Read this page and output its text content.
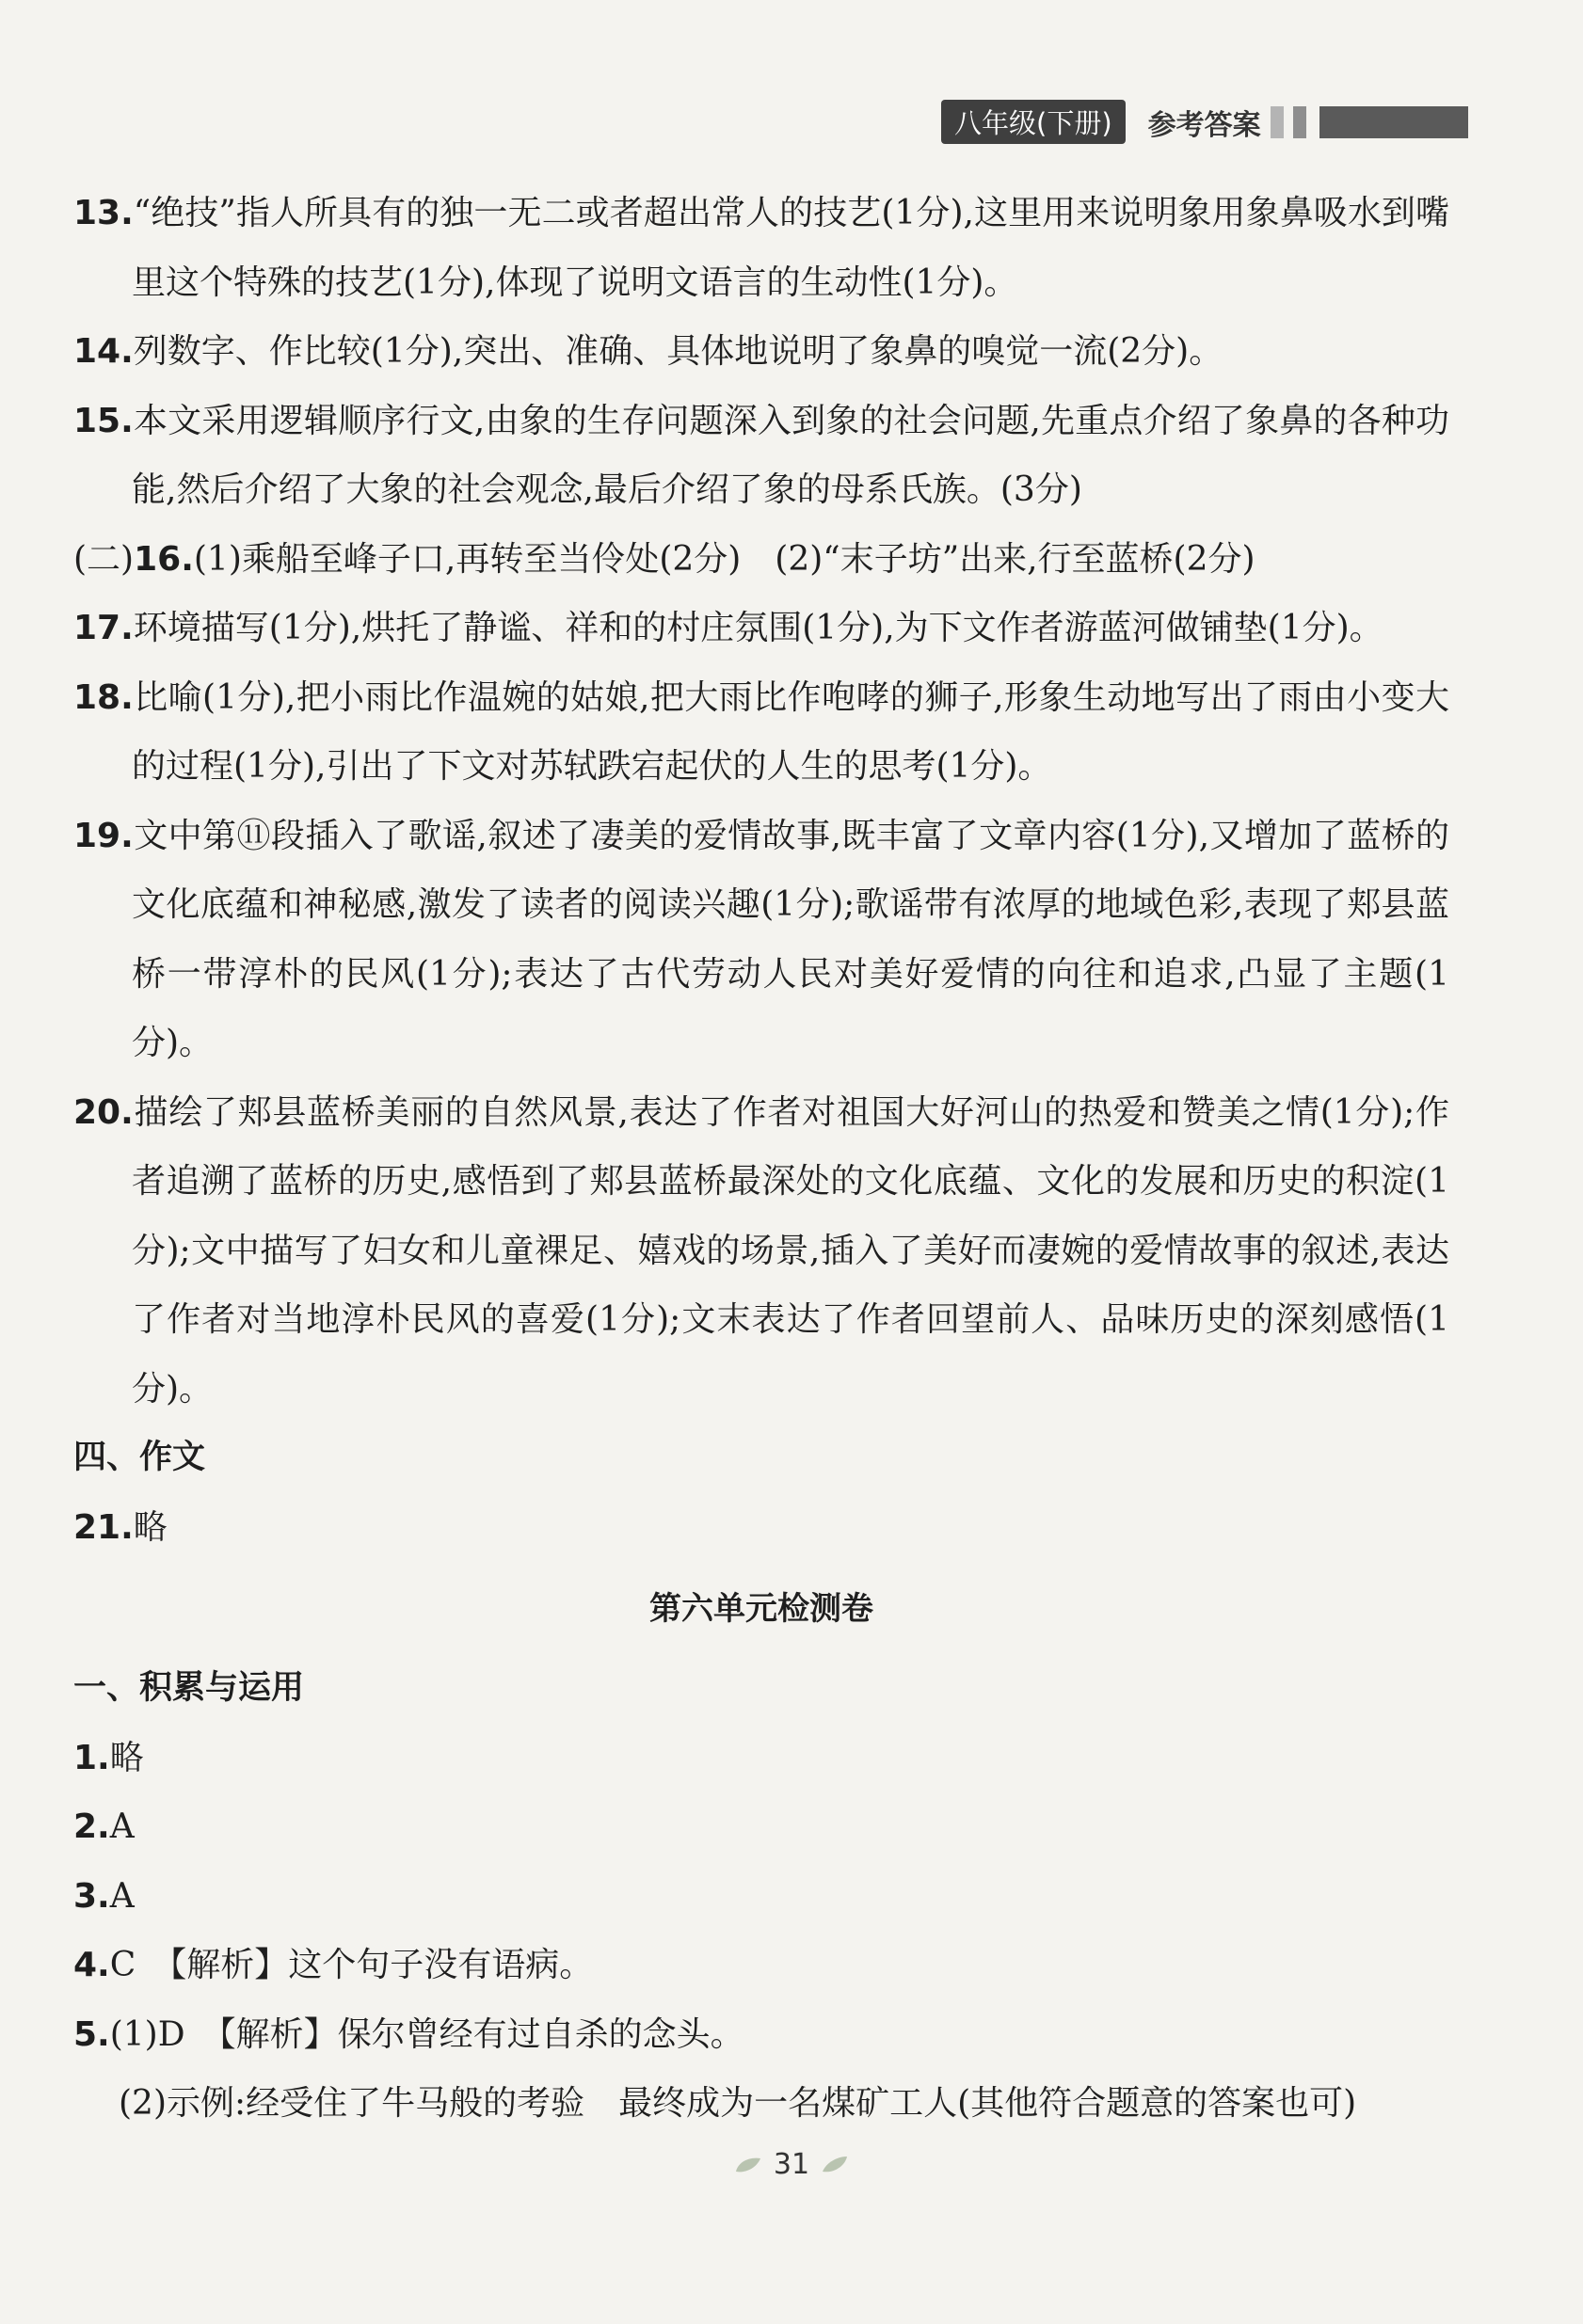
八年级(下册)	参考答案

13.“绝技”指人所具有的独一无二或者超出常人的技艺(1分),这里用来说明象用象鼻吸水到嘴里这个特殊的技艺(1分),体现了说明文语言的生动性(1分)。

14.列数字、作比较(1分),突出、准确、具体地说明了象鼻的嗅觉一流(2分)。

15.本文采用逻辑顺序行文,由象的生存问题深入到象的社会问题,先重点介绍了象鼻的各种功能,然后介绍了大象的社会观念,最后介绍了象的母系氏族。(3分)

(二)16.(1)乘船至峰子口,再转至当伶处(2分)　(2)“末子坊”出来,行至蓝桥(2分)

17.环境描写(1分),烘托了静谧、祥和的村庄氛围(1分),为下文作者游蓝河做铺垫(1分)。

18.比喻(1分),把小雨比作温婉的姑娘,把大雨比作咆哮的狮子,形象生动地写出了雨由小变大的过程(1分),引出了下文对苏轼跌宕起伏的人生的思考(1分)。

19.文中第⑪段插入了歌谣,叙述了凄美的爱情故事,既丰富了文章内容(1分),又增加了蓝桥的文化底蕴和神秘感,激发了读者的阅读兴趣(1分);歌谣带有浓厚的地域色彩,表现了郏县蓝桥一带淳朴的民风(1分);表达了古代劳动人民对美好爱情的向往和追求,凸显了主题(1分)。

20.描绘了郏县蓝桥美丽的自然风景,表达了作者对祖国大好河山的热爱和赞美之情(1分);作者追溯了蓝桥的历史,感悟到了郏县蓝桥最深处的文化底蕴、文化的发展和历史的积淀(1分);文中描写了妇女和儿童裸足、嬉戏的场景,插入了美好而凄婉的爱情故事的叙述,表达了作者对当地淳朴民风的喜爱(1分);文末表达了作者回望前人、品味历史的深刻感悟(1分)。

四、作文

21.略

第六单元检测卷

一、积累与运用

1.略

2.A

3.A

4.C　【解析】这个句子没有语病。

5.(1)D　【解析】保尔曾经有过自杀的念头。

(2)示例:经受住了牛马般的考验　最终成为一名煤矿工人(其他符合题意的答案也可)

31
